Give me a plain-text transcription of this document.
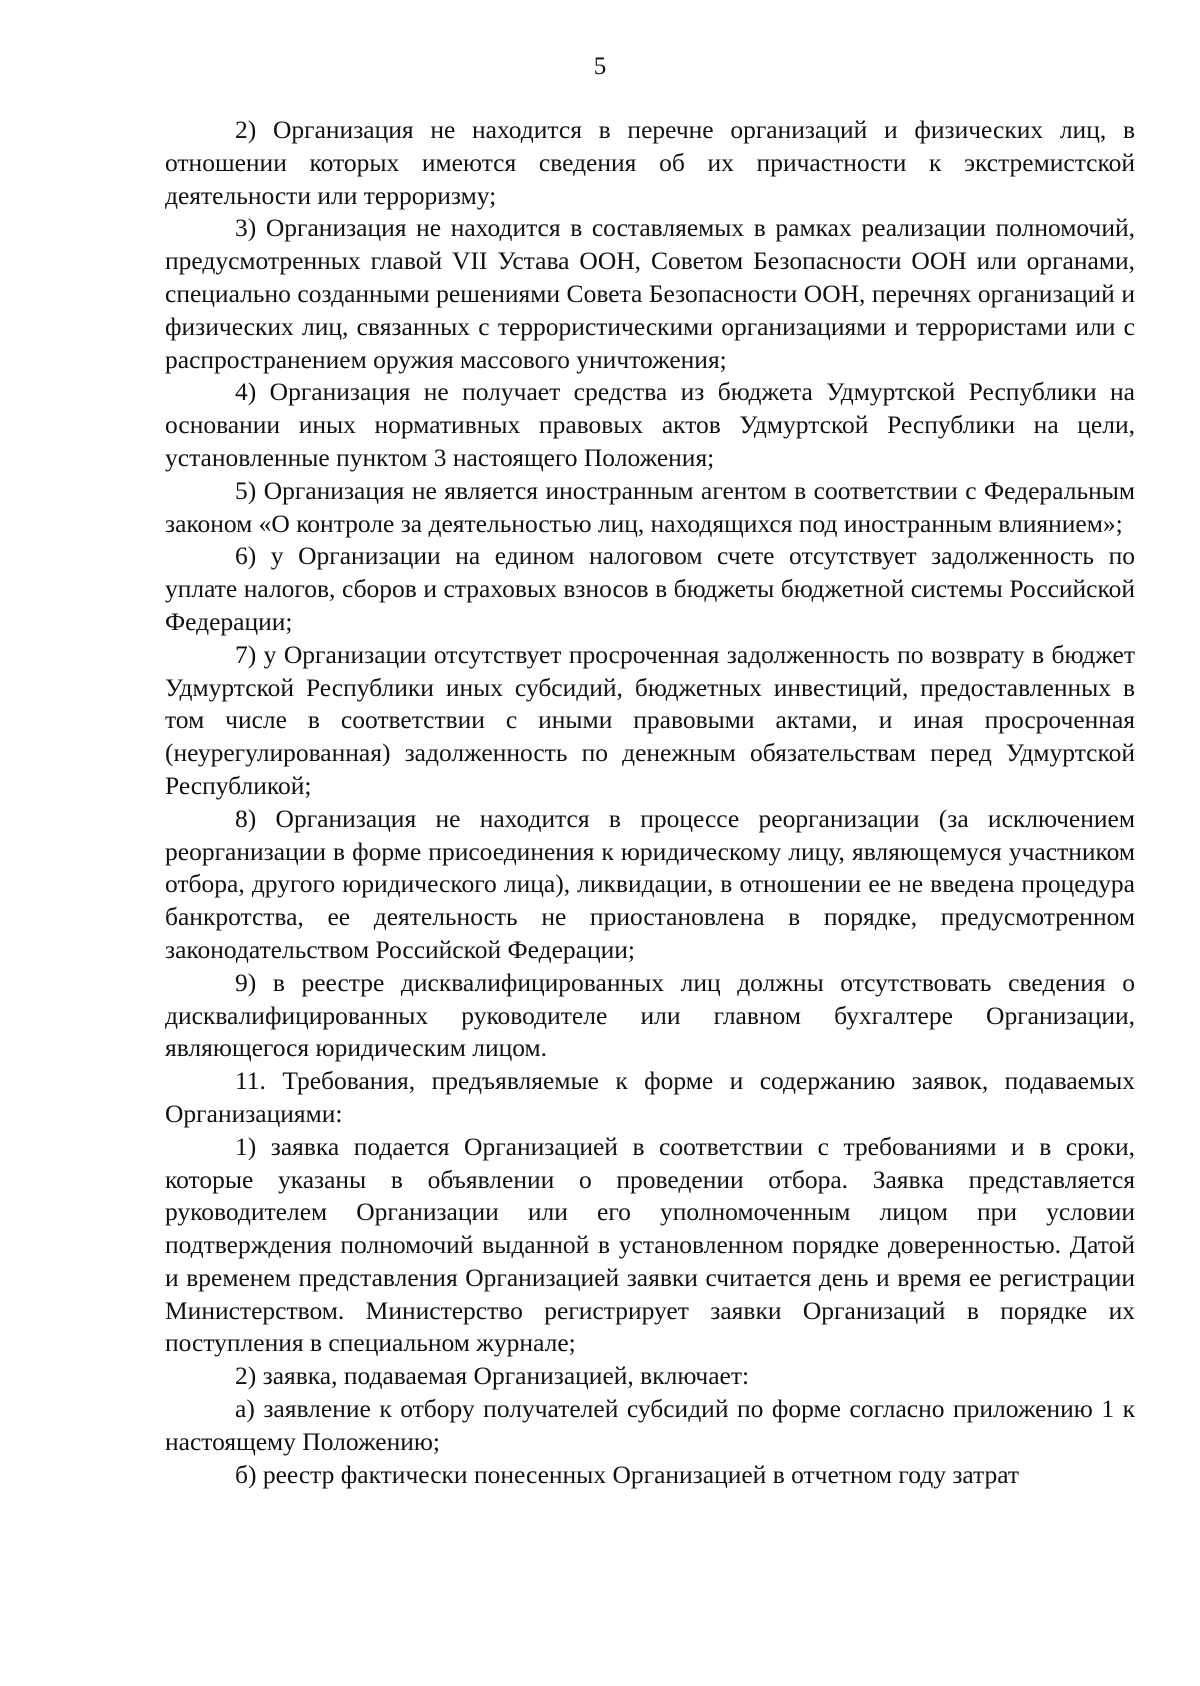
5

2) Организация не находится в перечне организаций и физических лиц, в отношении которых имеются сведения об их причастности к экстремистской деятельности или терроризму;

3) Организация не находится в составляемых в рамках реализации полномочий, предусмотренных главой VII Устава ООН, Советом Безопасности ООН или органами, специально созданными решениями Совета Безопасности ООН, перечнях организаций и физических лиц, связанных с террористическими организациями и террористами или с распространением оружия массового уничтожения;

4) Организация не получает средства из бюджета Удмуртской Республики на основании иных нормативных правовых актов Удмуртской Республики на цели, установленные пунктом 3 настоящего Положения;

5) Организация не является иностранным агентом в соответствии с Федеральным законом «О контроле за деятельностью лиц, находящихся под иностранным влиянием»;

6) у Организации на едином налоговом счете отсутствует задолженность по уплате налогов, сборов и страховых взносов в бюджеты бюджетной системы Российской Федерации;

7) у Организации отсутствует просроченная задолженность по возврату в бюджет Удмуртской Республики иных субсидий, бюджетных инвестиций, предоставленных в том числе в соответствии с иными правовыми актами, и иная просроченная (неурегулированная) задолженность по денежным обязательствам перед Удмуртской Республикой;

8) Организация не находится в процессе реорганизации (за исключением реорганизации в форме присоединения к юридическому лицу, являющемуся участником отбора, другого юридического лица), ликвидации, в отношении ее не введена процедура банкротства, ее деятельность не приостановлена в порядке, предусмотренном законодательством Российской Федерации;

9) в реестре дисквалифицированных лиц должны отсутствовать сведения о дисквалифицированных руководителе или главном бухгалтере Организации, являющегося юридическим лицом.

11. Требования, предъявляемые к форме и содержанию заявок, подаваемых Организациями:

1) заявка подается Организацией в соответствии с требованиями и в сроки, которые указаны в объявлении о проведении отбора. Заявка представляется руководителем Организации или его уполномоченным лицом при условии подтверждения полномочий выданной в установленном порядке доверенностью. Датой и временем представления Организацией заявки считается день и время ее регистрации Министерством. Министерство регистрирует заявки Организаций в порядке их поступления в специальном журнале;

2) заявка, подаваемая Организацией, включает:

а) заявление к отбору получателей субсидий по форме согласно приложению 1 к настоящему Положению;

б) реестр фактически понесенных Организацией в отчетном году затрат
